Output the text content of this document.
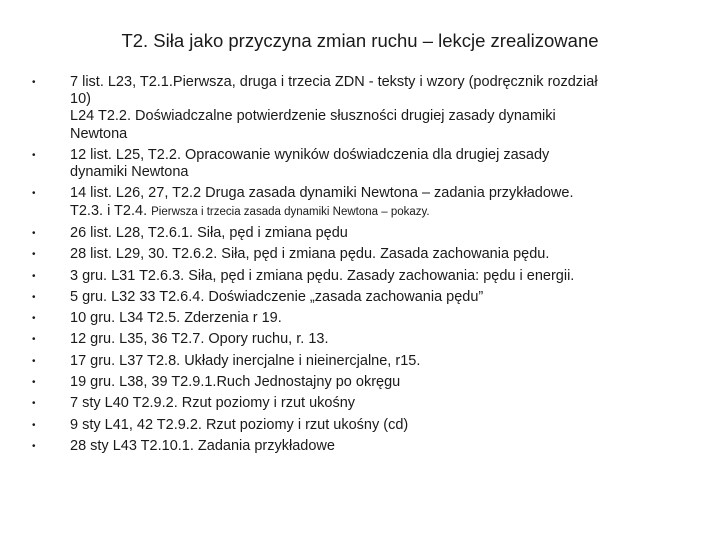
T2. Siła jako przyczyna zmian ruchu – lekcje zrealizowane
• 7 list. L23, T2.1.Pierwsza, druga i trzecia ZDN - teksty i wzory (podręcznik rozdział
10)
L24 T2.2. Doświadczalne potwierdzenie słuszności drugiej zasady dynamiki
Newtona
• 12 list. L25, T2.2. Opracowanie wyników doświadczenia dla drugiej zasady
dynamiki Newtona
• 14 list. L26, 27, T2.2 Druga zasada dynamiki Newtona – zadania przykładowe.
T2.3. i T2.4. Pierwsza i trzecia zasada dynamiki Newtona – pokazy.
• 26 list. L28, T2.6.1. Siła, pęd i zmiana pędu
• 28 list. L29, 30. T2.6.2. Siła, pęd i zmiana pędu. Zasada zachowania pędu.
• 3 gru. L31 T2.6.3. Siła, pęd i zmiana pędu. Zasady zachowania: pędu i energii.
• 5 gru. L32 33 T2.6.4. Doświadczenie „zasada zachowania pędu”
• 10 gru. L34 T2.5. Zderzenia r 19.
• 12 gru. L35, 36 T2.7. Opory ruchu, r. 13.
• 17 gru. L37 T2.8. Układy inercjalne i nieinercjalne, r15.
• 19 gru. L38, 39 T2.9.1.Ruch Jednostajny po okręgu
• 7 sty L40 T2.9.2. Rzut poziomy i rzut ukośny
• 9 sty L41, 42 T2.9.2. Rzut poziomy i rzut ukośny (cd)
• 28 sty L43 T2.10.1. Zadania przykładowe
